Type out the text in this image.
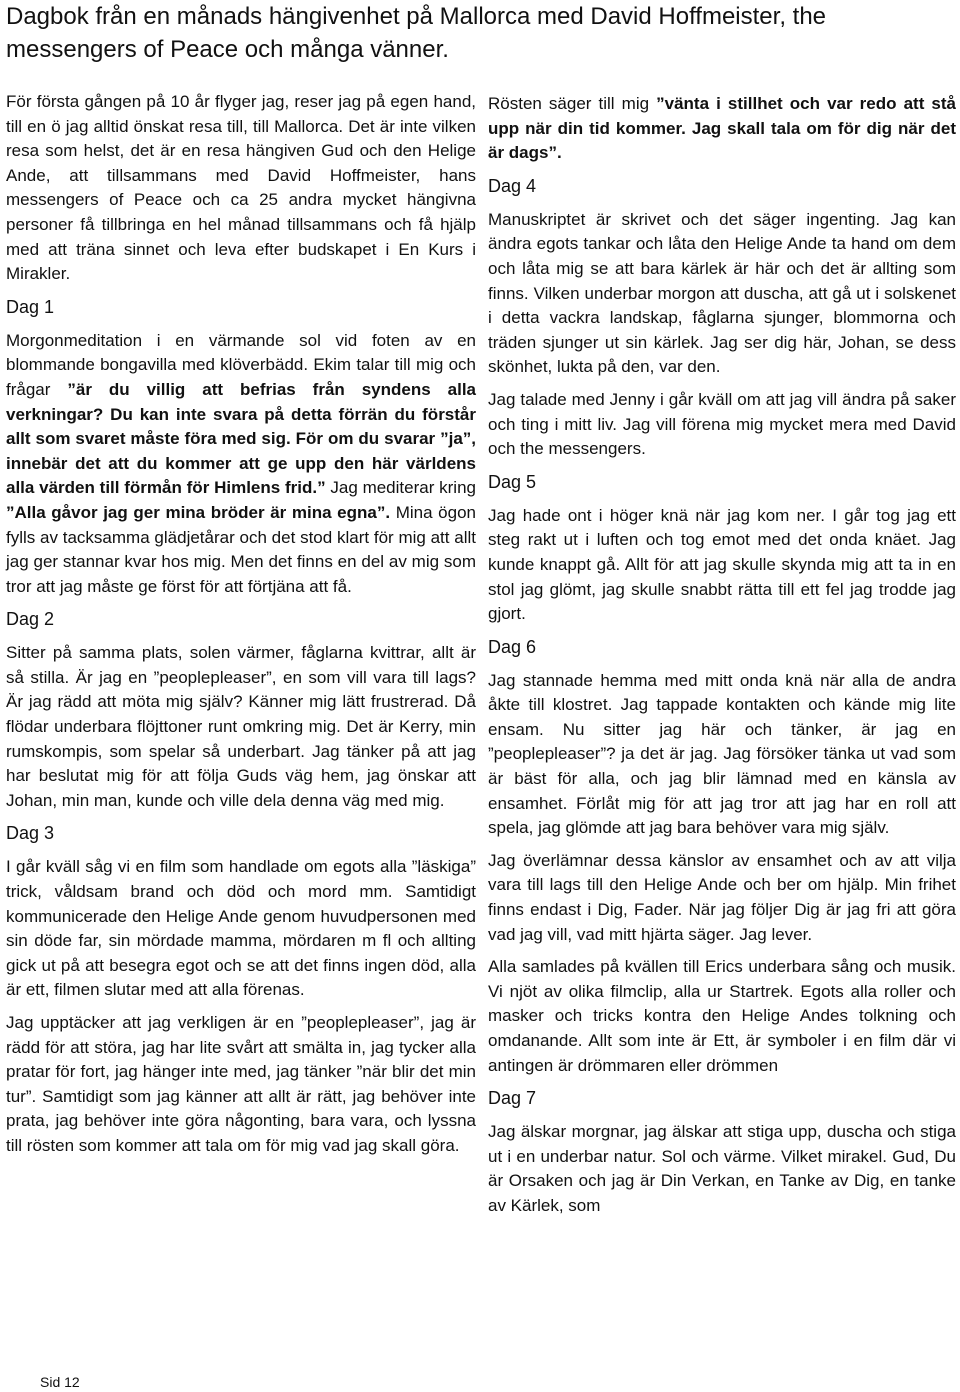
Dagbok från en månads hängivenhet på Mallorca med David Hoffmeister, the messengers of Peace och många vänner.

För första gången på 10 år flyger jag, reser jag på egen hand, till en ö jag alltid önskat resa till, till Mallorca. Det är inte vilken resa som helst, det är en resa hängiven Gud och den Helige Ande, att tillsammans med David Hoffmeister, hans messengers of Peace och ca 25 andra mycket hängivna personer få tillbringa en hel månad tillsammans och få hjälp med att träna sinnet och leva efter budskapet i En Kurs i Mirakler.

Dag 1

Morgonmeditation i en värmande sol vid foten av en blommande bongavilla med klöverbädd. Ekim talar till mig och frågar ”är du villig att befrias från syndens alla verkningar? Du kan inte svara på detta förrän du förstår allt som svaret måste föra med sig. För om du svarar ”ja”, innebär det att du kommer att ge upp den här världens alla värden till förmån för Himlens frid.” Jag mediterar kring ”Alla gåvor jag ger mina bröder är mina egna”. Mina ögon fylls av tacksamma glädjetårar och det stod klart för mig att allt jag ger stannar kvar hos mig. Men det finns en del av mig som tror att jag måste ge först för att förtjäna att få.

Dag 2

Sitter på samma plats, solen värmer, fåglarna kvittrar, allt är så stilla. Är jag en ”peoplepleaser”, en som vill vara till lags? Är jag rädd att möta mig själv? Känner mig lätt frustrerad. Då flödar underbara flöjttoner runt omkring mig. Det är Kerry, min rumskompis, som spelar så underbart. Jag tänker på att jag har beslutat mig för att följa Guds väg hem, jag önskar att Johan, min man, kunde och ville dela denna väg med mig.

Dag 3

I går kväll såg vi en film som handlade om egots alla ”läskiga” trick, våldsam brand och död och mord mm. Samtidigt kommunicerade den Helige Ande genom huvudpersonen med sin döde far, sin mördade mamma, mördaren m fl och allting gick ut på att besegra egot och se att det finns ingen död, alla är ett, filmen slutar med att alla förenas.

Jag upptäcker att jag verkligen är en ”peoplepleaser”, jag är rädd för att störa, jag har lite svårt att smälta in, jag tycker alla pratar för fort, jag hänger inte med, jag tänker ”när blir det min tur”. Samtidigt som jag känner att allt är rätt, jag behöver inte prata, jag behöver inte göra någonting, bara vara, och lyssna till rösten som kommer att tala om för mig vad jag skall göra.

Rösten säger till mig ”vänta i stillhet och var redo att stå upp när din tid kommer. Jag skall tala om för dig när det är dags”.

Dag 4

Manuskriptet är skrivet och det säger ingenting. Jag kan ändra egots tankar och låta den Helige Ande ta hand om dem och låta mig se att bara kärlek är här och det är allting som finns. Vilken underbar morgon att duscha, att gå ut i solskenet i detta vackra landskap, fåglarna sjunger, blommorna och träden sjunger ut sin kärlek. Jag ser dig här, Johan, se dess skönhet, lukta på den, var den.

Jag talade med Jenny i går kväll om att jag vill ändra på saker och ting i mitt liv. Jag vill förena mig mycket mera med David och the messengers.

Dag 5

Jag hade ont i höger knä när jag kom ner. I går tog jag ett steg rakt ut i luften och tog emot med det onda knäet. Jag kunde knappt gå. Allt för att jag skulle skynda mig att ta in en stol jag glömt, jag skulle snabbt rätta till ett fel jag trodde jag gjort.

Dag 6

Jag stannade hemma med mitt onda knä när alla de andra åkte till klostret. Jag tappade kontakten och kände mig lite ensam. Nu sitter jag här och tänker, är jag en ”peoplepleaser”? ja det är jag. Jag försöker tänka ut vad som är bäst för alla, och jag blir lämnad med en känsla av ensamhet. Förlåt mig för att jag tror att jag har en roll att spela, jag glömde att jag bara behöver vara mig själv.

Jag överlämnar dessa känslor av ensamhet och av att vilja vara till lags till den Helige Ande och ber om hjälp. Min frihet finns endast i Dig, Fader. När jag följer Dig är jag fri att göra vad jag vill, vad mitt hjärta säger. Jag lever.

Alla samlades på kvällen till Erics underbara sång och musik. Vi njöt av olika filmclip, alla ur Startrek. Egots alla roller och masker och tricks kontra den Helige Andes tolkning och omdanande. Allt som inte är Ett, är symboler i en film där vi antingen är drömmaren eller drömmen

Dag 7

Jag älskar morgnar, jag älskar att stiga upp, duscha och stiga ut i en underbar natur. Sol och värme. Vilket mirakel. Gud, Du är Orsaken och jag är Din Verkan, en Tanke av Dig, en tanke av Kärlek, som

Sid 12
